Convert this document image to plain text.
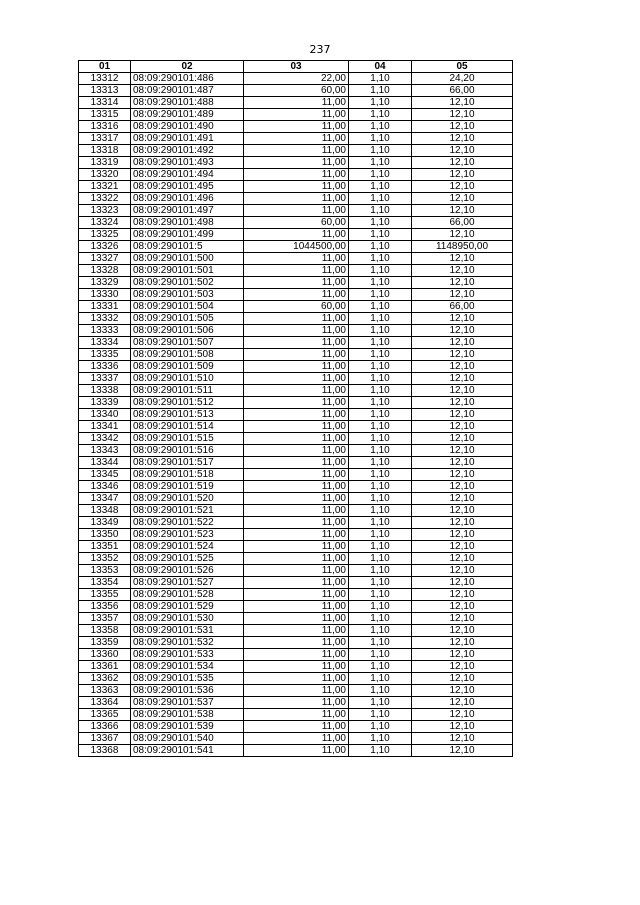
237
01	02	03	04	05
13312	08:09:290101:486	22,00	1,10	24,20
13313	08:09:290101:487	60,00	1,10	66,00
13314	08:09:290101:488	11,00	1,10	12,10
13315	08:09:290101:489	11,00	1,10	12,10
13316	08:09:290101:490	11,00	1,10	12,10
13317	08:09:290101:491	11,00	1,10	12,10
13318	08:09:290101:492	11,00	1,10	12,10
13319	08:09:290101:493	11,00	1,10	12,10
13320	08:09:290101:494	11,00	1,10	12,10
13321	08:09:290101:495	11,00	1,10	12,10
13322	08:09:290101:496	11,00	1,10	12,10
13323	08:09:290101:497	11,00	1,10	12,10
13324	08:09:290101:498	60,00	1,10	66,00
13325	08:09:290101:499	11,00	1,10	12,10
13326	08:09:290101:5	1044500,00	1,10	1148950,00
13327	08:09:290101:500	11,00	1,10	12,10
13328	08:09:290101:501	11,00	1,10	12,10
13329	08:09:290101:502	11,00	1,10	12,10
13330	08:09:290101:503	11,00	1,10	12,10
13331	08:09:290101:504	60,00	1,10	66,00
13332	08:09:290101:505	11,00	1,10	12,10
13333	08:09:290101:506	11,00	1,10	12,10
13334	08:09:290101:507	11,00	1,10	12,10
13335	08:09:290101:508	11,00	1,10	12,10
13336	08:09:290101:509	11,00	1,10	12,10
13337	08:09:290101:510	11,00	1,10	12,10
13338	08:09:290101:511	11,00	1,10	12,10
13339	08:09:290101:512	11,00	1,10	12,10
13340	08:09:290101:513	11,00	1,10	12,10
13341	08:09:290101:514	11,00	1,10	12,10
13342	08:09:290101:515	11,00	1,10	12,10
13343	08:09:290101:516	11,00	1,10	12,10
13344	08:09:290101:517	11,00	1,10	12,10
13345	08:09:290101:518	11,00	1,10	12,10
13346	08:09:290101:519	11,00	1,10	12,10
13347	08:09:290101:520	11,00	1,10	12,10
13348	08:09:290101:521	11,00	1,10	12,10
13349	08:09:290101:522	11,00	1,10	12,10
13350	08:09:290101:523	11,00	1,10	12,10
13351	08:09:290101:524	11,00	1,10	12,10
13352	08:09:290101:525	11,00	1,10	12,10
13353	08:09:290101:526	11,00	1,10	12,10
13354	08:09:290101:527	11,00	1,10	12,10
13355	08:09:290101:528	11,00	1,10	12,10
13356	08:09:290101:529	11,00	1,10	12,10
13357	08:09:290101:530	11,00	1,10	12,10
13358	08:09:290101:531	11,00	1,10	12,10
13359	08:09:290101:532	11,00	1,10	12,10
13360	08:09:290101:533	11,00	1,10	12,10
13361	08:09:290101:534	11,00	1,10	12,10
13362	08:09:290101:535	11,00	1,10	12,10
13363	08:09:290101:536	11,00	1,10	12,10
13364	08:09:290101:537	11,00	1,10	12,10
13365	08:09:290101:538	11,00	1,10	12,10
13366	08:09:290101:539	11,00	1,10	12,10
13367	08:09:290101:540	11,00	1,10	12,10
13368	08:09:290101:541	11,00	1,10	12,10
